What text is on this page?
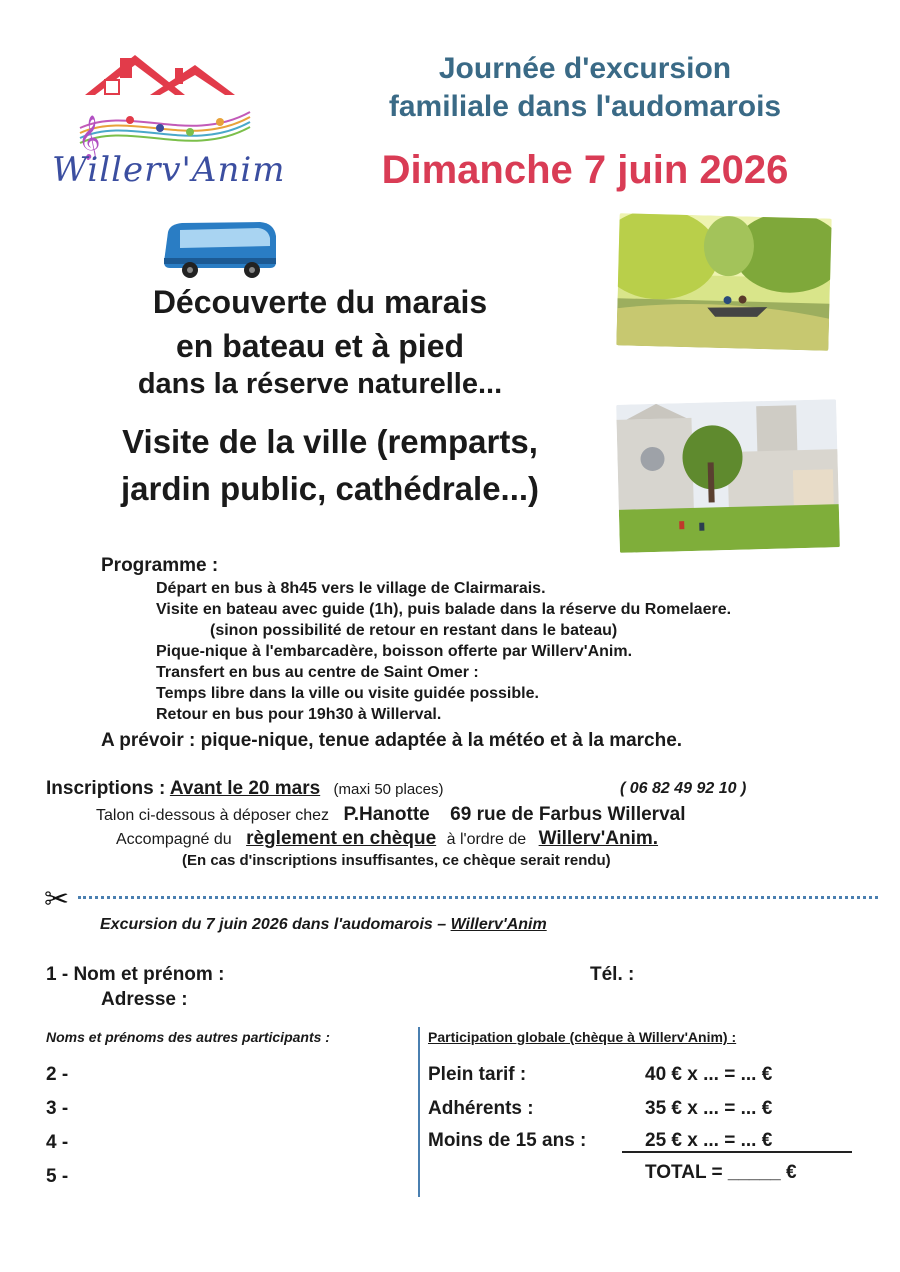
𝄞
Willerv'Anim
Journée d'excursion
familiale dans l'audomarois
Dimanche 7 juin 2026
Découverte du marais
en bateau et à pied
dans la réserve naturelle...
Visite de la ville (remparts,
jardin public, cathédrale...)
Programme :
Départ en bus à 8h45 vers le village de Clairmarais.
Visite en bateau avec guide (1h), puis balade dans la réserve du Romelaere.
(sinon possibilité de retour en restant dans le bateau)
Pique-nique à l'embarcadère, boisson offerte par Willerv'Anim.
Transfert en bus au centre de Saint Omer :
Temps libre dans la ville ou visite guidée possible.
Retour en bus pour 19h30 à Willerval.
A prévoir : pique-nique, tenue adaptée à la météo et à la marche.
Inscriptions : Avant le 20 mars (maxi 50 places)	( 06 82 49 92 10 )
Talon ci-dessous à déposer chez P.Hanotte 69 rue de Farbus Willerval
Accompagné du règlement en chèque à l'ordre de Willerv'Anim.
(En cas d'inscriptions insuffisantes, ce chèque serait rendu)
✂
Excursion du 7 juin 2026 dans l'audomarois – Willerv'Anim
1 - Nom et prénom :	Tél. :
Adresse :
Noms et prénoms des autres participants :
2 -
3 -
4 -
5 -
Participation globale (chèque à Willerv'Anim) :
Plein tarif :	40 € x ... = ... €
Adhérents :	35 € x ... = ... €
Moins de 15 ans :	25 € x ... = ... €
TOTAL = _____ €
